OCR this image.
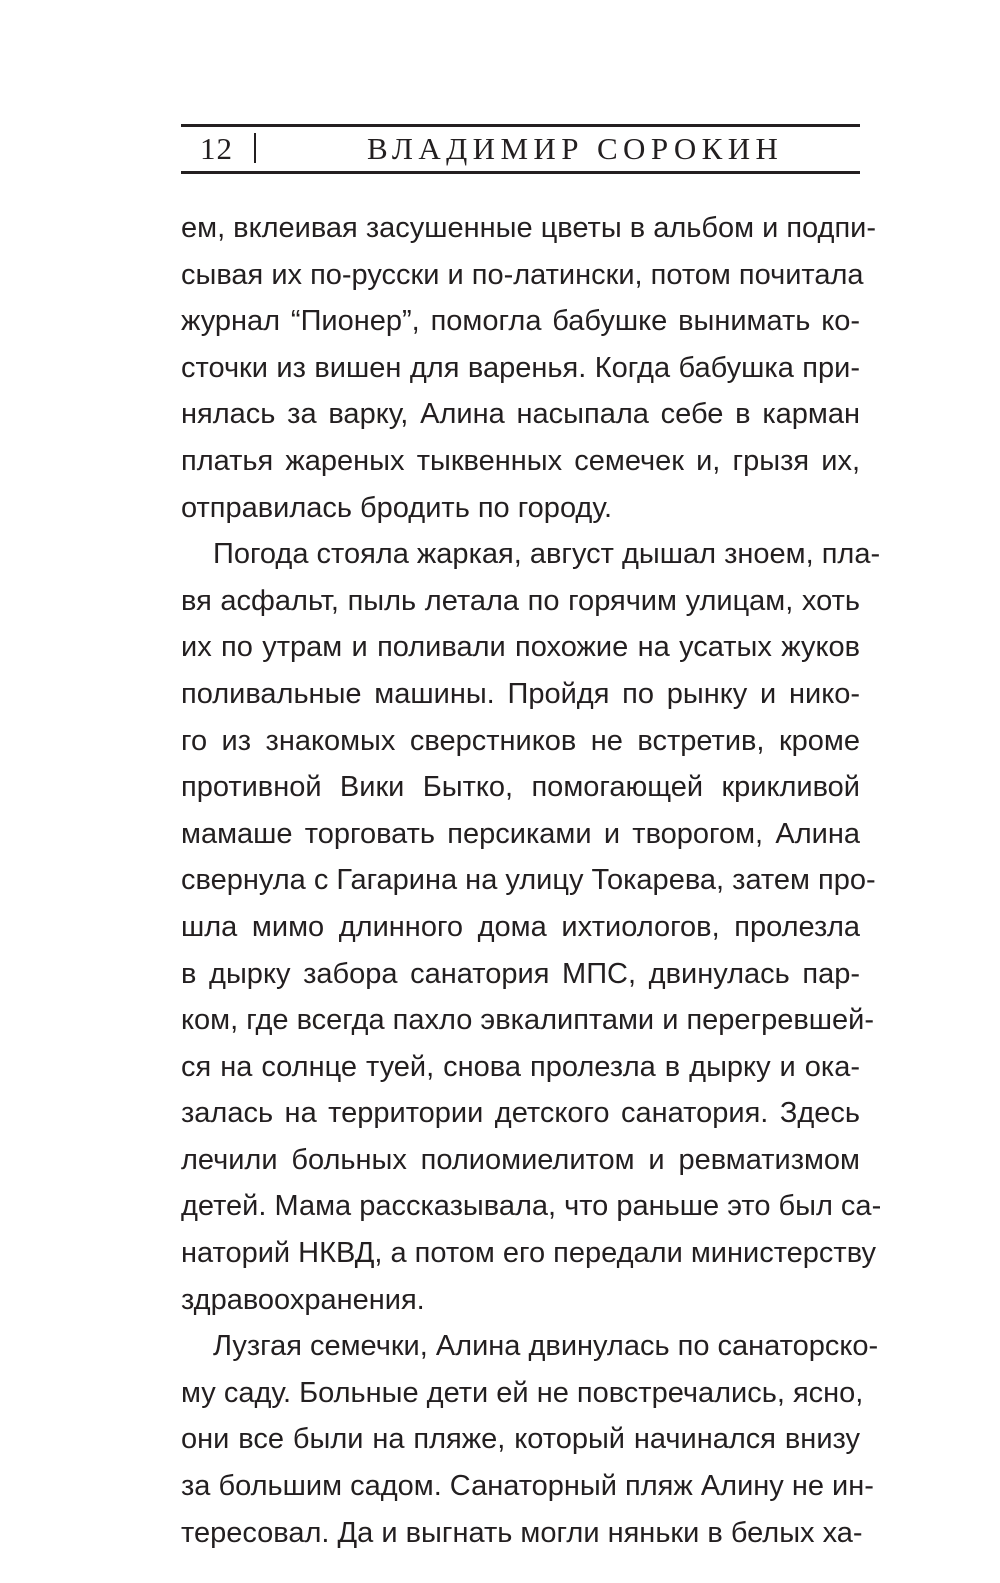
12	ВЛАДИМИР СОРОКИН

ем, вклеивая засушенные цветы в альбом и подпи-
сывая их по-русски и по-латински, потом почитала
журнал “Пионер”, помогла бабушке вынимать ко-
сточки из вишен для варенья. Когда бабушка при-
нялась за варку, Алина насыпала себе в карман
платья жареных тыквенных семечек и, грызя их,
отправилась бродить по городу.

Погода стояла жаркая, август дышал зноем, пла-
вя асфальт, пыль летала по горячим улицам, хоть
их по утрам и поливали похожие на усатых жуков
поливальные машины. Пройдя по рынку и нико-
го из знакомых сверстников не встретив, кроме
противной Вики Бытко, помогающей крикливой
мамаше торговать персиками и творогом, Алина
свернула с Гагарина на улицу Токарева, затем про-
шла мимо длинного дома ихтиологов, пролезла
в дырку забора санатория МПС, двинулась пар-
ком, где всегда пахло эвкалиптами и перегревшей-
ся на солнце туей, снова пролезла в дырку и ока-
залась на территории детского санатория. Здесь
лечили больных полиомиелитом и ревматизмом
детей. Мама рассказывала, что раньше это был са-
наторий НКВД, а потом его передали министерству
здравоохранения.

Лузгая семечки, Алина двинулась по санаторско-
му саду. Больные дети ей не повстречались, ясно,
они все были на пляже, который начинался внизу
за большим садом. Санаторный пляж Алину не ин-
тересовал. Да и выгнать могли няньки в белых ха-
